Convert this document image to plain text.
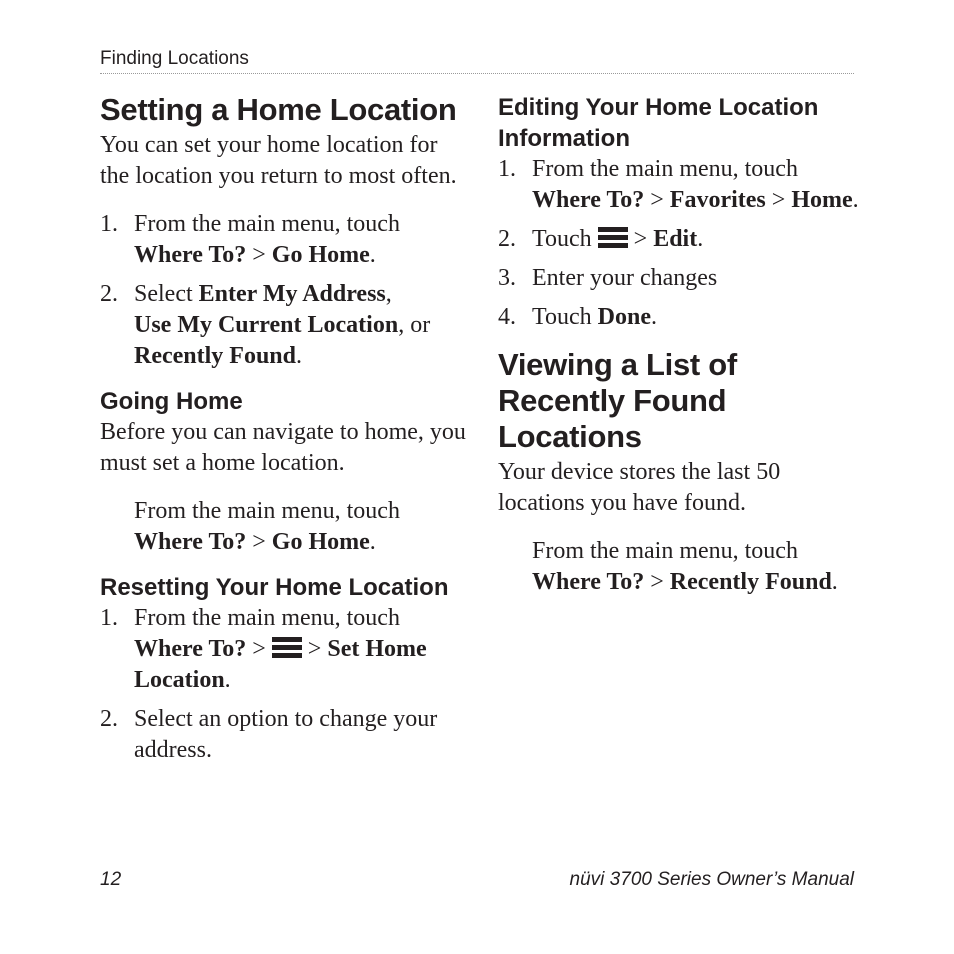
Finding Locations
Setting a Home Location

You can set your home location for the location you return to most often.

1. From the main menu, touch Where To? > Go Home.
2. Select Enter My Address,
Use My Current Location, or
Recently Found.
Going Home

Before you can navigate to home, you must set a home location.

From the main menu, touch
Where To? > Go Home.

Resetting Your Home Location
1. From the main menu, touch Where To? >  > Set Home Location.
2. Select an option to change your address.
Editing Your Home Location Information
1. From the main menu, touch
Where To? > Favorites > Home.
2. Touch  > Edit.
3. Enter your changes
4. Touch Done.
Viewing a List of Recently Found Locations

Your device stores the last 50 locations you have found.

From the main menu, touch
Where To? > Recently Found.

12	nüvi 3700 Series Owner’s Manual
